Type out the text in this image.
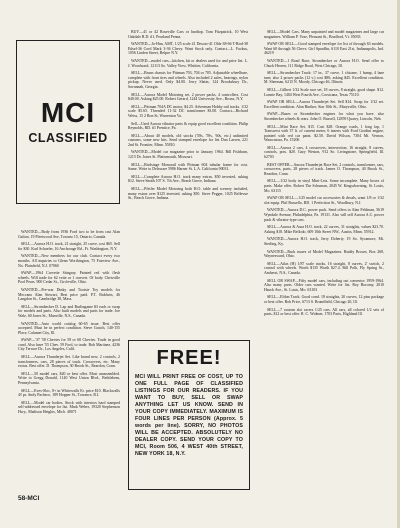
MCI
CLASSIFIED

WANTED—Body from 1936 Ford two to be from cast Alan Galton, 19 Fleetwood Ave, Toronto 15, Ontario, Canada.

SELL—Aurora H.O. track, 21 straight, 25 curve, cost $65. Sell for $30. Karl Schaefer, 16 Anchorage Rd., Ft. Washington, N.Y.

WANTED—New members for our club. Contact every two months. All inquiries to Glenn Worthington, 75 Fairview Ave., No. Plainfield, N.J. 07060

SWAP—1964 Corvette Stingray. Painted red with flesh wheels. Will trade for 62 vette or 1 convert. Of body. Chrisville Pool Pears. 900 Cedar St., Circleville, Ohio.

WANTED—Pre-war Dinky and Tootsie Toy models for Meccano Alan Stewart, Best price paid. P.T. Baldwin, 46 Langdon St., Cambridge 38, Mass.

SELL—Strombecker D. Lap and Burlingame $3 each or swap for models and parts. Also built models and parts for trade. Joe Walz, 60 Jones St., Manville, N.S., Canada.

WANTED—Auto world catalog 60-65 issue. Best offer accepted. Must be in perfect condition. Steve Gratch, 140-155 Place, Calumet City, Ill.

SWAP—'37 '58 Chevies for 59 or 60 Chevies. Trade in good cond. Also have '55 Chev. 59 Ford, to trade. Bob Martinez, 4236 City Terrace Dr., Los Angeles, Calif.

SELL—Aurora Thunderjet Set. Like brand new, 2 controls, 2 transformers, cars, 28 pieces of track. Crossovers, etc. Many extras. Best offer. D. Thompson, 30 Brook St., Reardon, Conn.

SELL—50 model cars, $20 or best offer. Most unassembled. Write to Gregg Donald, 1140 West Union Blvd., Bethlehem, Pennsylvania.

SELL—Eves-Sloc, 8+ in Whitewalls Er. price $10. Blackwalls 4¢ pr. Andy Pacheco, 189 Hopper St., Torrance, R.I.

SELL—Model car bodies. Stock with interiors hard stamped self-addressed envelope for list. Mark Weber, 19320 Stephenson Hwy., Madison Heights, Mich. 48071

BUY—41 or 42 Roseville Cars or hardtop. Tom Fitzpatrick, 10 West Oakdale R.D. #1, Pearland Penna.

WANTED—Jo-Han, AMT, 1/25 scale 41 Desoto-41 Olds-38-66 T-Bird-38 Edsel-36 Cord Mark 3-36 Chevy. Want Stock only. Contact—L. Fackus, 1056 Linden Street, Belpre N.Y.

WANTED—model cars—kitchen, kit or dealers used for and price list. L. J. Woodward, 12113 So. Valley View, Whittier, California.

SELL—Bruns chassis for Pittman 703, 704 or 705. Adjustable wheelbase, complete with front tires and wheels. Also included 2 axles, bearings, nylon pickup. Never used. Only $4.00. Jerry Slatin, 124 Brooksbury Dr., Savannah, Georgia.

SELL—Aurora Model Motoring set, 2 power packs, 4 controllers. Cost $40.00. Asking $25.00. Robert Gerard, 1244 University Ave., Bronx, N.Y.

SELL—Pittman 704A DC motor, $4.25. Adverman Hobby rail tracks. 1/32 scale $5.65. Threaded 11-32 DC transformer $3.00. Contact—Richard Weiss, 15 2 Bon St, Warrenton Va.

Sell—Used Aurora vibrator parts & equip good excellent condition. Philip Reynolds, RD. #1 Prentice, Pa.

SELL—About 40 models, old stocks ('58s, '59s, '60s, etc.) unlimited customs, some new kits. Send stamped envelope for list Dan Larsen, 221 2nd St. Frontier, Minn. 55810.

WANTED—Model car magazine prior to January 1964. Bill Fishburn, 1215 Dr. Jones St. Plattsmouth, Missouri.

SELL—Birdsinge Monorail with Pittman 604 tubular frame for cost. Same. Write to Delaware 5986 Harner St. L.A. California 90031.

SELL—Complete Aurora H.O. track many extras. $50 invested, asking $12. Steve Smith 107 S. 7th Ave., Beach Grove, Indiana.

SELL—Pfeifer Model Motoring both H.O. table and scenery included, many extras over $125 invested, asking $50. Steve Pegger, 1025 Bellevue St., Beach Grove, Indiana.

SELL—Model Cars. Many unpainted and model magazines and large car magazines. William P. Vose, Pleasant St., Bradford, Vt. 05033

SWAP OR SELL—Good stamped envelope for list of through 63 models. Want 60 through 56 Chevs. Girl Spradlin, 6110 East 21st, Indianapolis, Ind. 46219

WANTED—1 Road Race, Strombecker or Aurora H.O. Send offer to Chuck Herren, 111 Ridge Road, West Chicago, Ill.

SELL—Strombecker Track: 17 in., 37 curve, 1 chicane, 1 hump, 4 lane turn; also 2 power packs (12 v.) cost $80; asking $45. Excellent condition. M. Sherman, 6215 N. Moody, Chicago 46, Illinois.

SELL—Gilbert 1/32 Scale race set, 18 curves, 8 straight, good shape. $12. Lonnie Bay, 1404 West Fourth Ave., Corsicana, Texas 75110.

SWAP OR SELL—Aurora Thunderjet Set. Sell $14. Swap for 1/32 set. Excellent condition. Alan Biniker, Star 10th St., Marysville, Ohio.

SWAP—Buses or Strombecker engines for what you have. also Strombecker wheels & rears. John O. Russell, 12859 Quarry, Lincoln, Neb.

SELL—Mini Race Set, $15. Cost $28. Orange roads, 1 long lap, 1 Transwest with 37 ft. of current meter, 6 inserts with Ford Gordini engine, painted with red car paint. $2.50. David Wilson, 7304 Mt. Vernon, Wauwatosa, Pa. 15206

SELL—Aurora 2 cars, 4 crossovers, intersection, 16 straight, 8 curves, controls, pots. $20. Gary Weston, 912 So. Livingstone, Springfield, Ill. 62703

BEST OFFER—Aurora Thunderjet Race Set, 2 controls, transformer, cars, crossovers, parts, 28 pieces of track. James O. Thompson, 40 Brook St., Reardon, Conn.

SELL—1/32 body in vinyl Mini-Lets. Some incomplete. Many boxes of parts. Make offer. Robert The Schuman, 2045 W. Kingsdowning, St. Louis, Mo. 63115

SWAP OR SELL—1/25 model car accessories & decals, want 1/8 or 1/32 slot equip. Phil Russello, RD. 1 Perfection St., Woodbury, N.J.

WANTED—Aurora D.C. power pack. Send offers to Alan Feldman, 5619 Wyndale Avenue, Philadelphia, Pa. 19131. Also will sell Aurora A.C. power pack & vibrator-type cars.

SELL—Aurora & Aura H.O. track, 22 curves, 31 straights, values $23.70. Asking $18. Mike Bellodo, 609 10th Street NW., Austin, Minn. 55912.

WANTED—Aurora H.O. track, Jerry Doherty, 19 So. Sycamore, Mt. Sterling, Ky.

WANTED—Back issues of Model Magazines. Buddy Brown, Box 268, Waynesward, Ohio.

SELL—Atlas (H) 1/87 scale tracks, 16 straight, 8 curves, 2' switch, 2 control with wheels. Worth $135 Worth $27.4. Bill Polk, Fly Spring St., Amherst, N.S., Canada.

SELL OR SWAP—Fifty model cars, including out convertor 1959-1964. Also many parts. Older cars wanted. Write for list. Roy Boromy, 2010 Hauck Ave., St. Louis, Mo. 63103

SELL—Eldon Track. Good cond. 18 straights, 20 curves, 12 pins package or best offer. Bob Price, 6713 S. Brandfield, Chicago 20, Ill.

SELL—7 custom slot racers 1/25 cars. All cars, all colored 1/2 sets of parts, $12 or best offer. R. C. Widmer, 1703 Paris, Highland Ill.

FREE!
MCI WILL PRINT FREE OF COST, UP TO ONE FULL PAGE OF CLASSIFIED LISTINGS FOR OUR READERS. IF YOU WANT TO BUY, SELL OR SWAP ANYTHING LET US KNOW. SEND IN YOUR COPY IMMEDIATELY. MAXIMUM IS FOUR LINES PER PERSON (Approx. 5 words per line). SORRY, NO PHOTOS WILL BE ACCEPTED. ABSOLUTELY NO DEALER COPY. SEND YOUR COPY TO MCI, Room 506, 4 WEST 40th STREET, NEW YORK 18, N.Y.
58-MCI
